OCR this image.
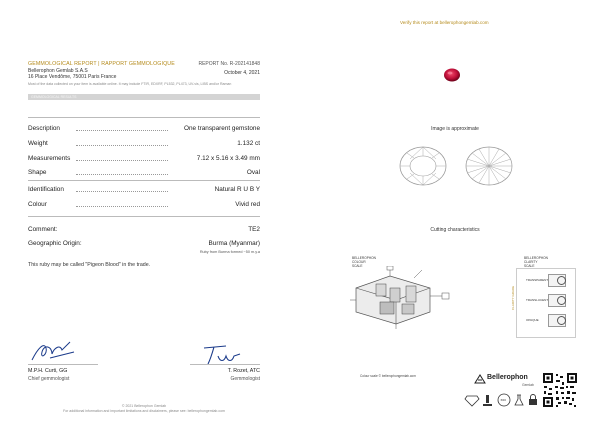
Verify this report at bellerophongemlab.com
GEMMOLOGICAL REPORT | RAPPORT GEMMOLOGIQUE
Bellerophon Gemlab S.A.S
16 Place Vendôme, 75001 Paris France
REPORT No. R-202141848
October 4, 2021
Most of the data collected on your item is available online. It may include FTIR, EDXRF, PL532, PL473, UV-vis, LIBS and/or Raman
GEMMOLOGICAL RESULTS
Description	One transparent gemstone
Weight	1.132 ct
Measurements	7.12 x 5.16 x 3.49 mm
Shape	Oval
Identification	Natural R U B Y
Colour	Vivid red
Comment:	TE2
Geographic Origin:	Burma (Myanmar)
Ruby from Burma formed ~50 m.y.a
This ruby may be called "Pigeon Blood" in the trade.
M.P.H. Curti, GG
Chief gemmologist
T. Rozet, ATC
Gemmologist
© 2021 Bellerophon Gemlab
For additional information and important limitations and disclaimers, please see: bellerophongemlab.com
Image is approximate
Cutting characteristics
BELLEROPHON
COLOUR
SCALE
Colour scale © bellerophongemlab.com
BELLEROPHON
CLARITY
SCALE
CLARITY GRADE
TRANSPARENT
TRANSLUCENT
OPAQUE
Bellerophon
Gemlab
360
